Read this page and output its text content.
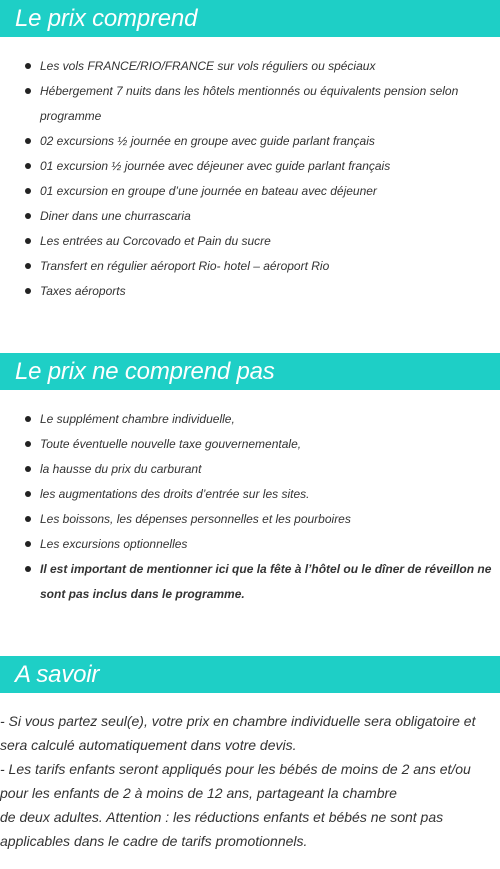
Le prix comprend
Les vols FRANCE/RIO/FRANCE sur vols réguliers ou spéciaux
Hébergement 7 nuits dans les hôtels mentionnés ou équivalents pension selon programme
02 excursions ½ journée en groupe avec guide parlant français
01 excursion ½ journée avec déjeuner avec guide parlant français
01 excursion en groupe d’une journée en bateau avec déjeuner
Diner dans une churrascaria
Les entrées au Corcovado et Pain du sucre
Transfert en régulier aéroport Rio- hotel – aéroport Rio
Taxes aéroports
Le prix ne comprend pas
Le supplément chambre individuelle,
Toute éventuelle nouvelle taxe gouvernementale,
la hausse du prix du carburant
les augmentations des droits d’entrée sur les sites.
Les boissons, les dépenses personnelles et les pourboires
Les excursions optionnelles
Il est important de mentionner ici que la fête à l’hôtel ou le dîner de réveillon ne sont pas inclus dans le programme.
A savoir

- Si vous partez seul(e), votre prix en chambre individuelle sera obligatoire et sera calculé automatiquement dans votre devis.

- Les tarifs enfants seront appliqués pour les bébés de moins de 2 ans et/ou pour les enfants de 2 à moins de 12 ans, partageant la chambre

de deux adultes. Attention : les réductions enfants et bébés ne sont pas applicables dans le cadre de tarifs promotionnels.
